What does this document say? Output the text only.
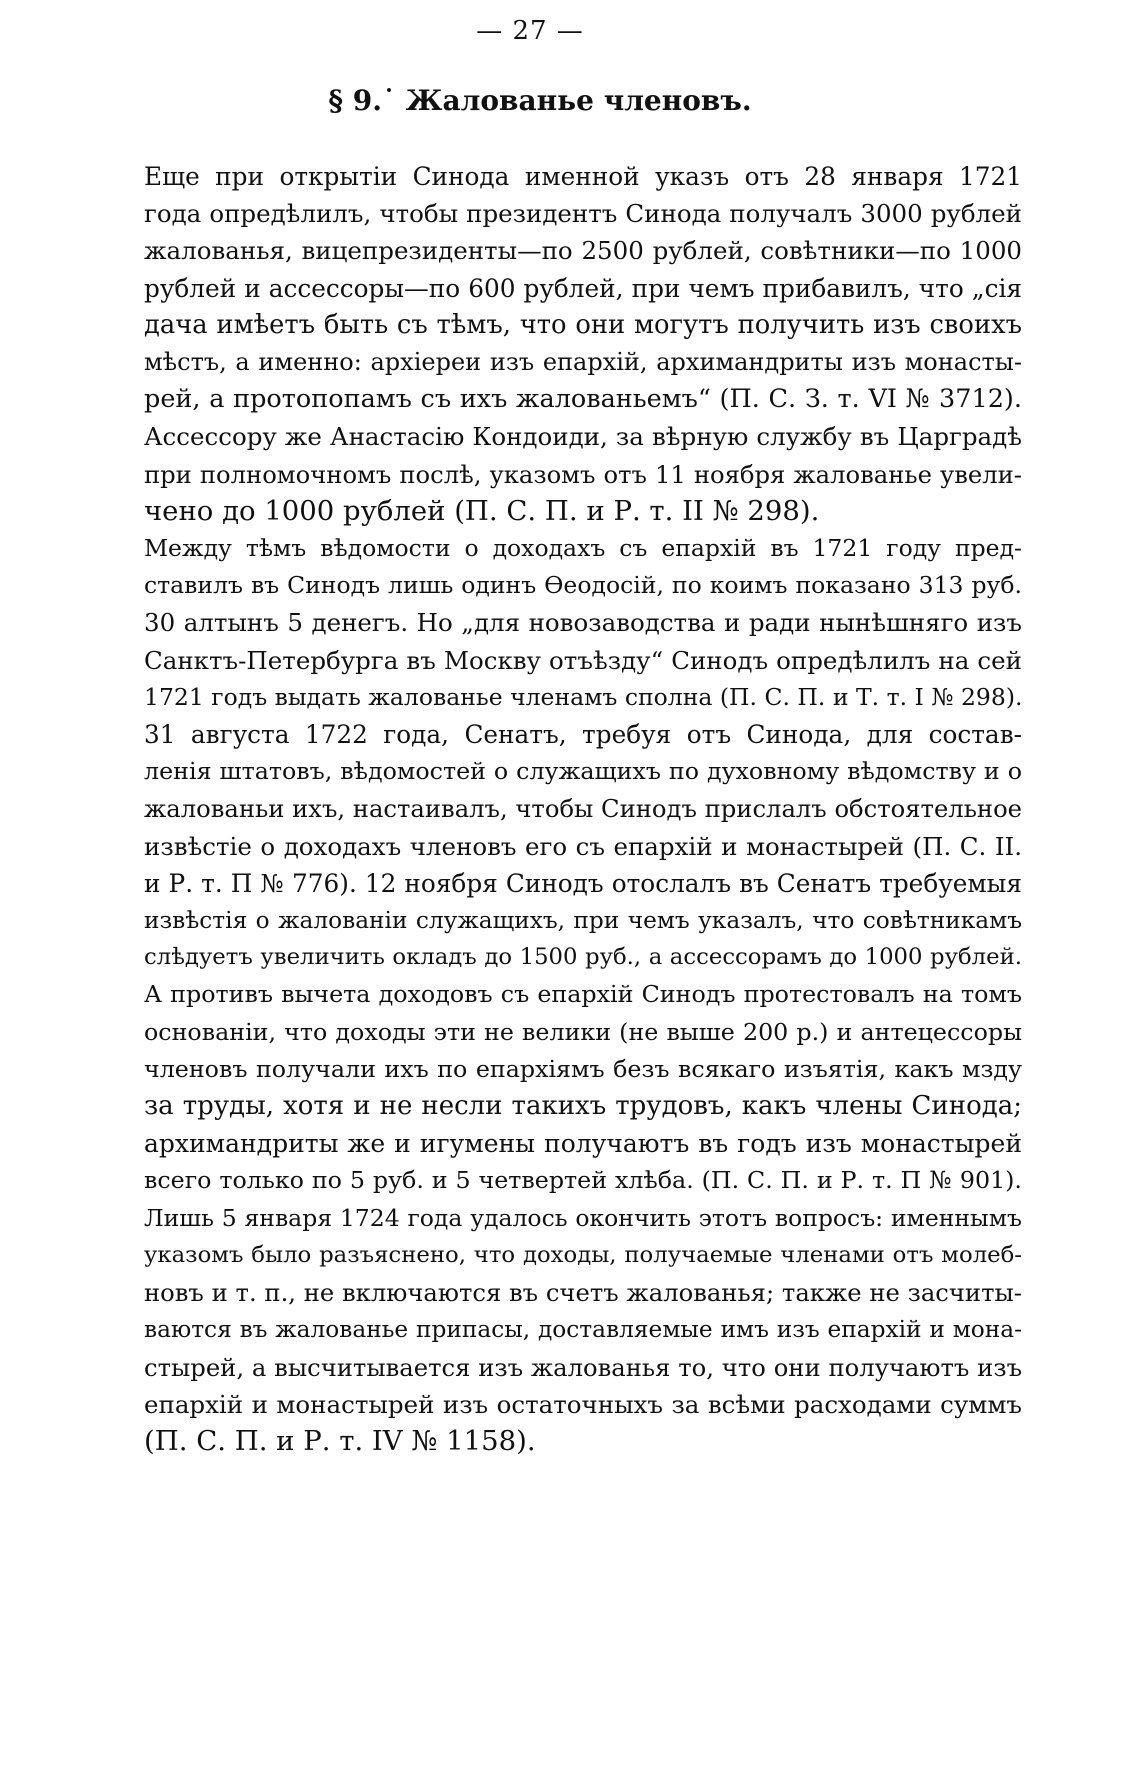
— 27 —
§ 9.˙ Жалованье членовъ.

Еще при открытiи Синода именной указъ отъ 28 января 1721
года опредѣлилъ, чтобы президентъ Синода получалъ 3000 рублей
жалованья, вицепрезиденты—по 2500 рублей, совѣтники—по 1000
рублей и ассессоры—по 600 рублей, при чемъ прибавилъ, что „сiя
дача имѣетъ быть съ тѣмъ, что они могутъ получить изъ своихъ
мѣстъ, а именно: архiереи изъ епархiй, архимандриты изъ монасты-
рей, а протопопамъ съ ихъ жалованьемъ“ (П. С. З. т. VI № 3712).
Ассессору же Анастасiю Кондоиди, за вѣрную службу въ Царградѣ
при полномочномъ послѣ, указомъ отъ 11 ноября жалованье увели-
чено до 1000 рублей (П. С. П. и Р. т. II № 298).

Между тѣмъ вѣдомости о доходахъ съ епархiй въ 1721 году пред-
ставилъ въ Синодъ лишь одинъ Ѳеодосiй, по коимъ показано 313 руб.
30 алтынъ 5 денегъ. Но „для новозаводства и ради нынѣшняго изъ
Санктъ-Петербурга въ Москву отъѣзду“ Синодъ опредѣлилъ на сей
1721 годъ выдать жалованье членамъ сполна (П. С. П. и Т. т. I № 298).

31 августа 1722 года, Сенатъ, требуя отъ Синода, для состав-
ленiя штатовъ, вѣдомостей о служащихъ по духовному вѣдомству и о
жалованьи ихъ, настаивалъ, чтобы Синодъ прислалъ обстоятельное
извѣстiе о доходахъ членовъ его съ епархiй и монастырей (П. С. II.
и Р. т. П № 776). 12 ноября Синодъ отослалъ въ Сенатъ требуемыя
извѣстiя о жалованiи служащихъ, при чемъ указалъ, что совѣтникамъ
слѣдуетъ увеличить окладъ до 1500 руб., а ассессорамъ до 1000 рублей.
А противъ вычета доходовъ съ епархiй Синодъ протестовалъ на томъ
основанiи, что доходы эти не велики (не выше 200 р.) и антецессоры
членовъ получали ихъ по епархiямъ безъ всякаго изъятiя, какъ мзду
за труды, хотя и не несли такихъ трудовъ, какъ члены Синода;
архимандриты же и игумены получаютъ въ годъ изъ монастырей
всего только по 5 руб. и 5 четвертей хлѣба. (П. С. П. и Р. т. П № 901).
Лишь 5 января 1724 года удалось окончить этотъ вопросъ: именнымъ
указомъ было разъяснено, что доходы, получаемые членами отъ молеб-
новъ и т. п., не включаются въ счетъ жалованья; также не засчиты-
ваются въ жалованье припасы, доставляемые имъ изъ епархiй и мона-
стырей, а высчитывается изъ жалованья то, что они получаютъ изъ
епархiй и монастырей изъ остаточныхъ за всѣми расходами суммъ
(П. С. П. и Р. т. IV № 1158).
